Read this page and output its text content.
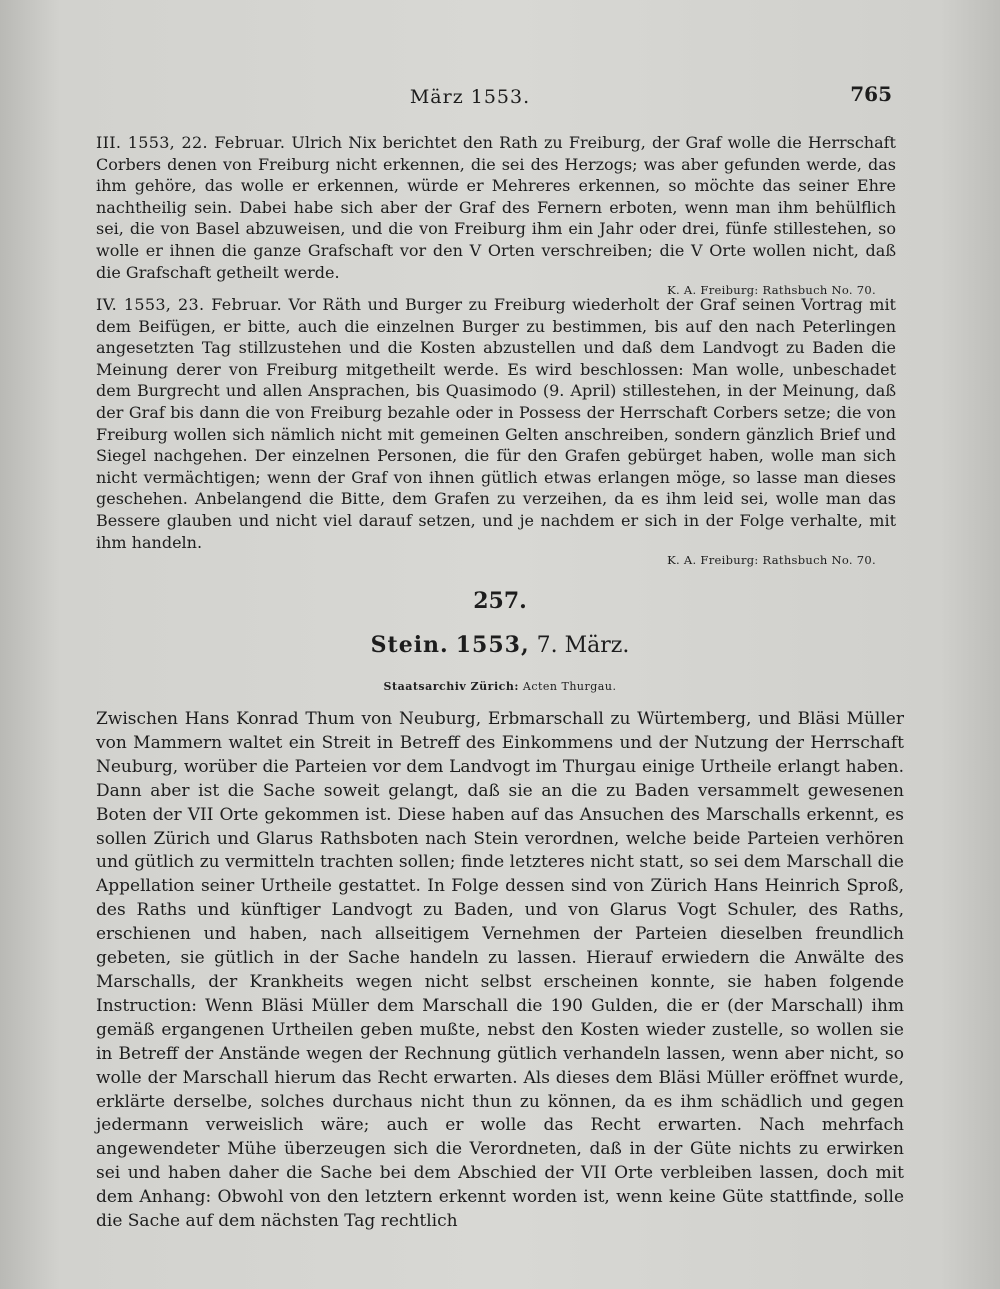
März 1553.	765
III. 1553, 22. Februar. Ulrich Nix berichtet den Rath zu Freiburg, der Graf wolle die Herrschaft Corbers denen von Freiburg nicht erkennen, die sei des Herzogs; was aber gefunden werde, das ihm gehöre, das wolle er erkennen, würde er Mehreres erkennen, so möchte das seiner Ehre nachtheilig sein. Dabei habe sich aber der Graf des Fernern erboten, wenn man ihm behülflich sei, die von Basel abzuweisen, und die von Freiburg ihm ein Jahr oder drei, fünfe stillestehen, so wolle er ihnen die ganze Grafschaft vor den V Orten verschreiben; die V Orte wollen nicht, daß die Grafschaft getheilt werde.
K. A. Freiburg: Rathsbuch No. 70.
IV. 1553, 23. Februar. Vor Räth und Burger zu Freiburg wiederholt der Graf seinen Vortrag mit dem Beifügen, er bitte, auch die einzelnen Burger zu bestimmen, bis auf den nach Peterlingen angesetzten Tag stillzustehen und die Kosten abzustellen und daß dem Landvogt zu Baden die Meinung derer von Freiburg mitgetheilt werde. Es wird beschlossen: Man wolle, unbeschadet dem Burgrecht und allen Ansprachen, bis Quasimodo (9. April) stillestehen, in der Meinung, daß der Graf bis dann die von Freiburg bezahle oder in Possess der Herrschaft Corbers setze; die von Freiburg wollen sich nämlich nicht mit gemeinen Gelten anschreiben, sondern gänzlich Brief und Siegel nachgehen. Der einzelnen Personen, die für den Grafen gebürget haben, wolle man sich nicht vermächtigen; wenn der Graf von ihnen gütlich etwas erlangen möge, so lasse man dieses geschehen. Anbelangend die Bitte, dem Grafen zu verzeihen, da es ihm leid sei, wolle man das Bessere glauben und nicht viel darauf setzen, und je nachdem er sich in der Folge verhalte, mit ihm handeln.
K. A. Freiburg: Rathsbuch No. 70.
257.
Stein. 1553, 7. März.
Staatsarchiv Zürich: Acten Thurgau.
Zwischen Hans Konrad Thum von Neuburg, Erbmarschall zu Würtemberg, und Bläsi Müller von Mammern waltet ein Streit in Betreff des Einkommens und der Nutzung der Herrschaft Neuburg, worüber die Parteien vor dem Landvogt im Thurgau einige Urtheile erlangt haben. Dann aber ist die Sache soweit gelangt, daß sie an die zu Baden versammelt gewesenen Boten der VII Orte gekommen ist. Diese haben auf das Ansuchen des Marschalls erkennt, es sollen Zürich und Glarus Rathsboten nach Stein verordnen, welche beide Parteien verhören und gütlich zu vermitteln trachten sollen; finde letzteres nicht statt, so sei dem Marschall die Appellation seiner Urtheile gestattet. In Folge dessen sind von Zürich Hans Heinrich Sproß, des Raths und künftiger Landvogt zu Baden, und von Glarus Vogt Schuler, des Raths, erschienen und haben, nach allseitigem Vernehmen der Parteien dieselben freundlich gebeten, sie gütlich in der Sache handeln zu lassen. Hierauf erwiedern die Anwälte des Marschalls, der Krankheits wegen nicht selbst erscheinen konnte, sie haben folgende Instruction: Wenn Bläsi Müller dem Marschall die 190 Gulden, die er (der Marschall) ihm gemäß ergangenen Urtheilen geben mußte, nebst den Kosten wieder zustelle, so wollen sie in Betreff der Anstände wegen der Rechnung gütlich verhandeln lassen, wenn aber nicht, so wolle der Marschall hierum das Recht erwarten. Als dieses dem Bläsi Müller eröffnet wurde, erklärte derselbe, solches durchaus nicht thun zu können, da es ihm schädlich und gegen jedermann verweislich wäre; auch er wolle das Recht erwarten. Nach mehrfach angewendeter Mühe überzeugen sich die Verordneten, daß in der Güte nichts zu erwirken sei und haben daher die Sache bei dem Abschied der VII Orte verbleiben lassen, doch mit dem Anhang: Obwohl von den letztern erkennt worden ist, wenn keine Güte stattfinde, solle die Sache auf dem nächsten Tag rechtlich
